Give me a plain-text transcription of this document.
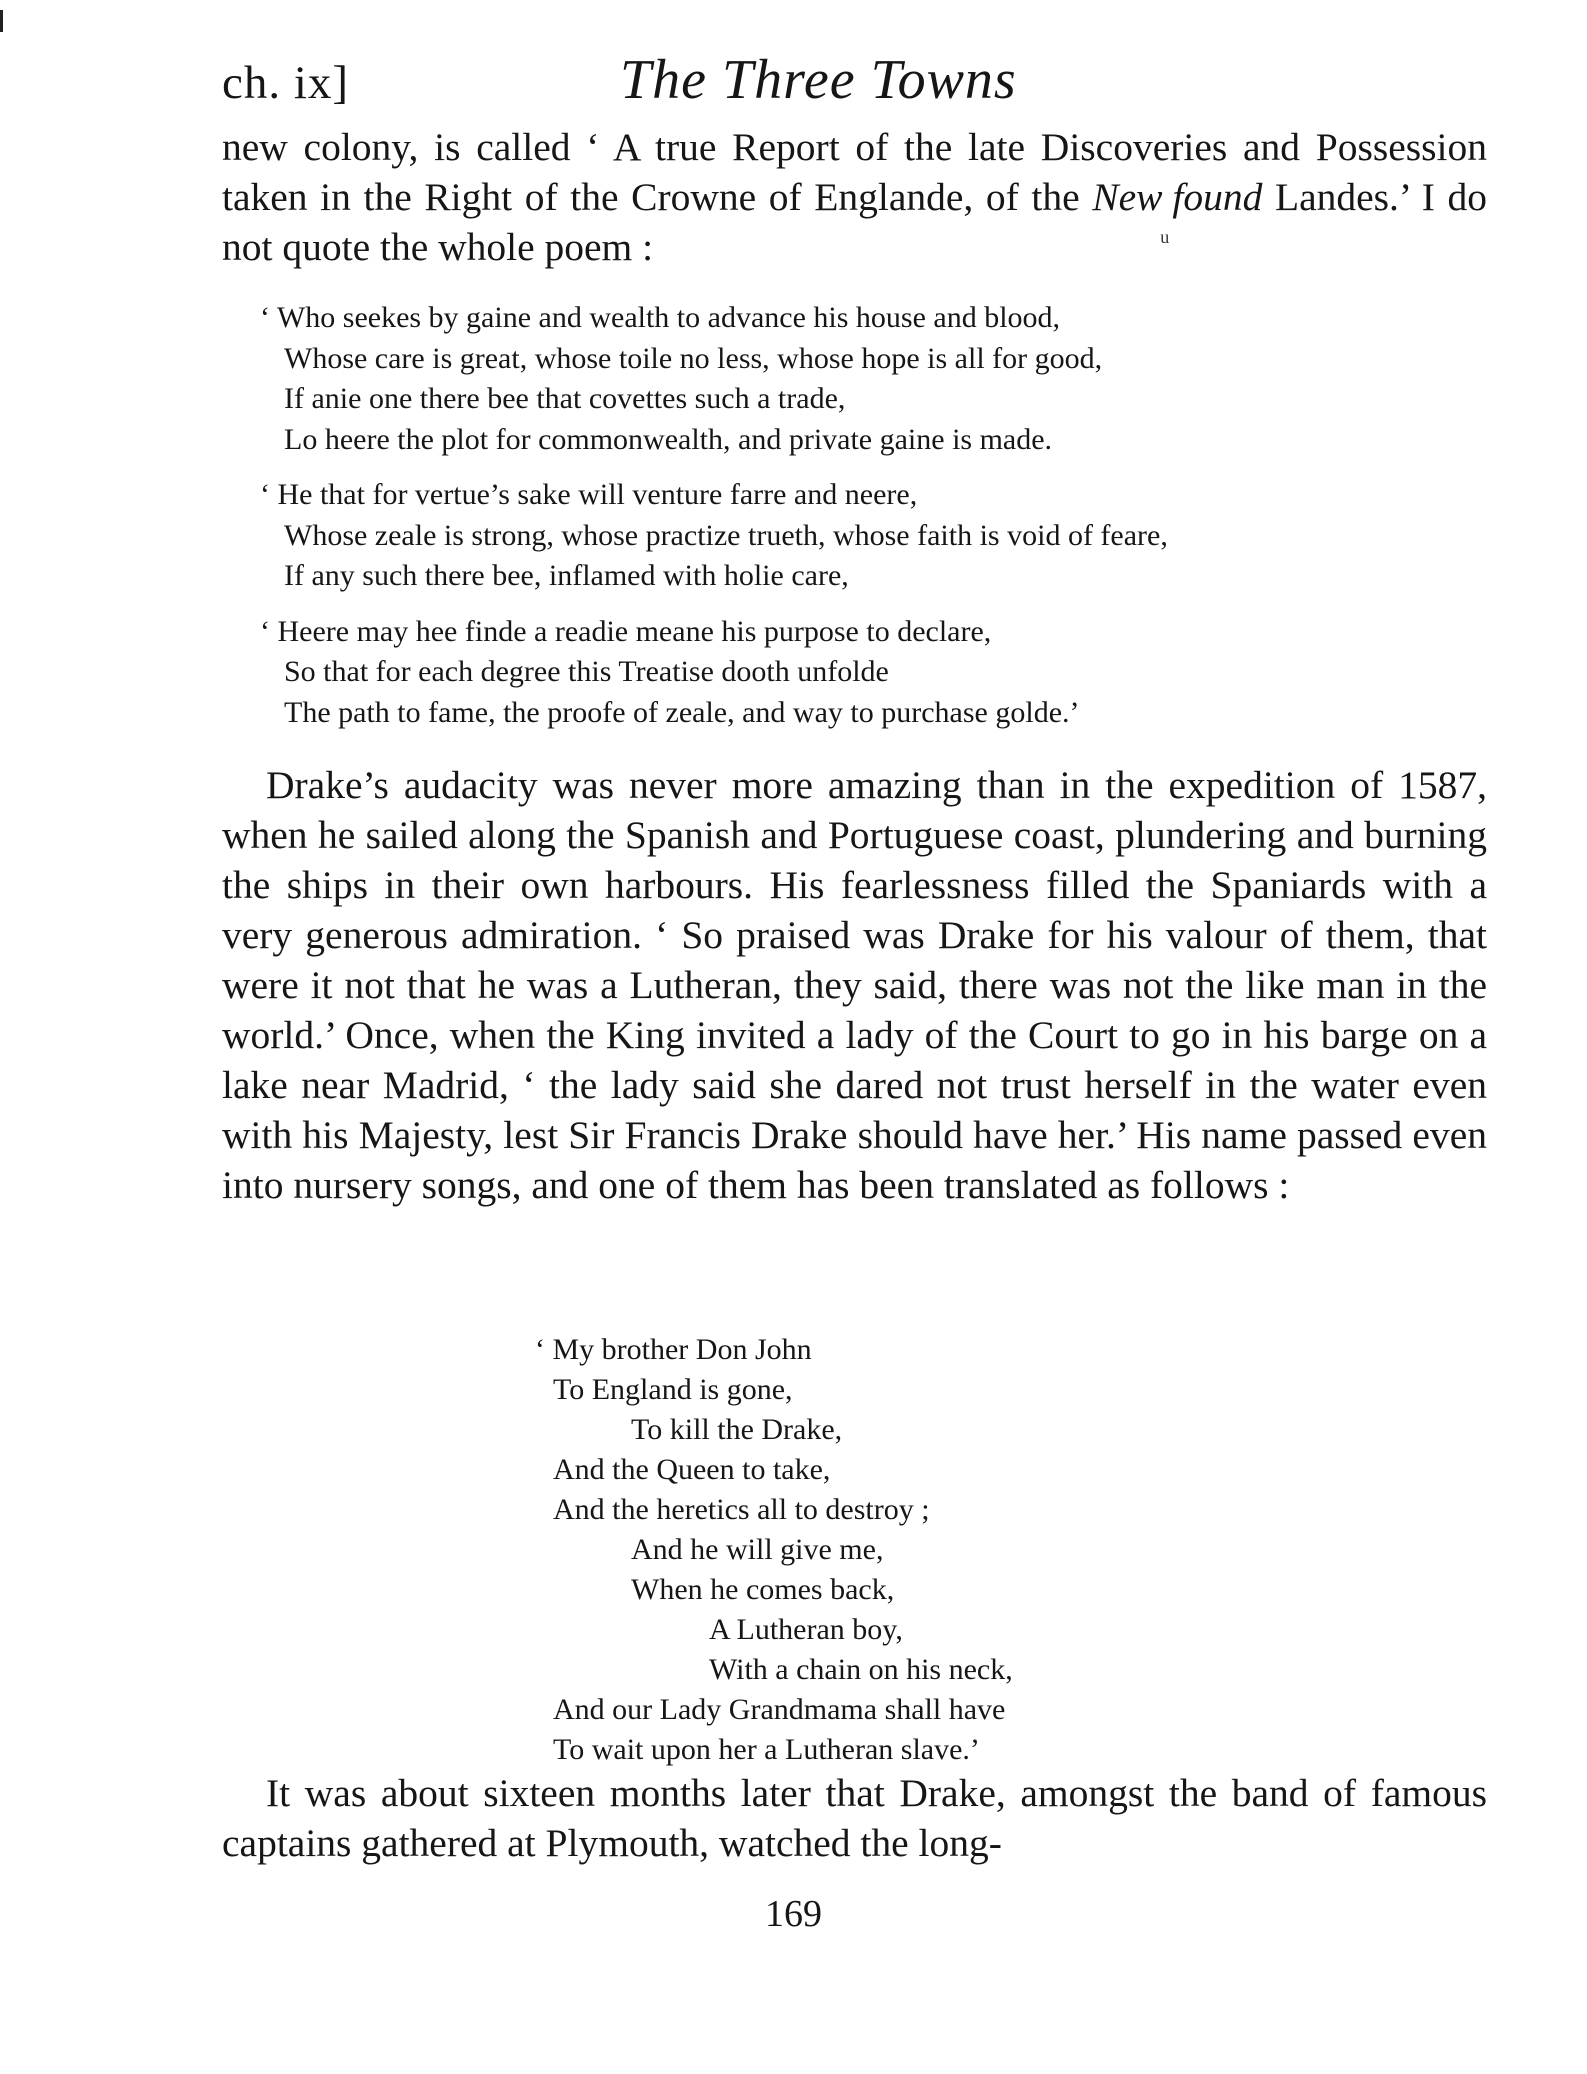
ch. ix]	The Three Towns
new colony, is called ‘ A true Report of the late Discoveries and Possession taken in the Right of the Crowne of Englande, of the New found
u
Landes.’ I do not quote the whole poem :
‘ Who seekes by gaine and wealth to advance his house and blood,
Whose care is great, whose toile no less, whose hope is all for good,
If anie one there bee that covettes such a trade,
Lo heere the plot for commonwealth, and private gaine is made.
‘ He that for vertue’s sake will venture farre and neere,
Whose zeale is strong, whose practize trueth, whose faith is void of feare,
If any such there bee, inflamed with holie care,
‘ Heere may hee finde a readie meane his purpose to declare,
So that for each degree this Treatise dooth unfolde
The path to fame, the proofe of zeale, and way to purchase golde.’
Drake’s audacity was never more amazing than in the expedition of 1587, when he sailed along the Spanish and Portuguese coast, plundering and burning the ships in their own harbours. His fearlessness filled the Spaniards with a very generous admiration. ‘ So praised was Drake for his valour of them, that were it not that he was a Lutheran, they said, there was not the like man in the world.’ Once, when the King invited a lady of the Court to go in his barge on a lake near Madrid, ‘ the lady said she dared not trust herself in the water even with his Majesty, lest Sir Francis Drake should have her.’ His name passed even into nursery songs, and one of them has been translated as follows :
‘ My brother Don John
To England is gone,
To kill the Drake,
And the Queen to take,
And the heretics all to destroy ;
And he will give me,
When he comes back,
A Lutheran boy,
With a chain on his neck,
And our Lady Grandmama shall have
To wait upon her a Lutheran slave.’
It was about sixteen months later that Drake, amongst the band of famous captains gathered at Plymouth, watched the long-
169
